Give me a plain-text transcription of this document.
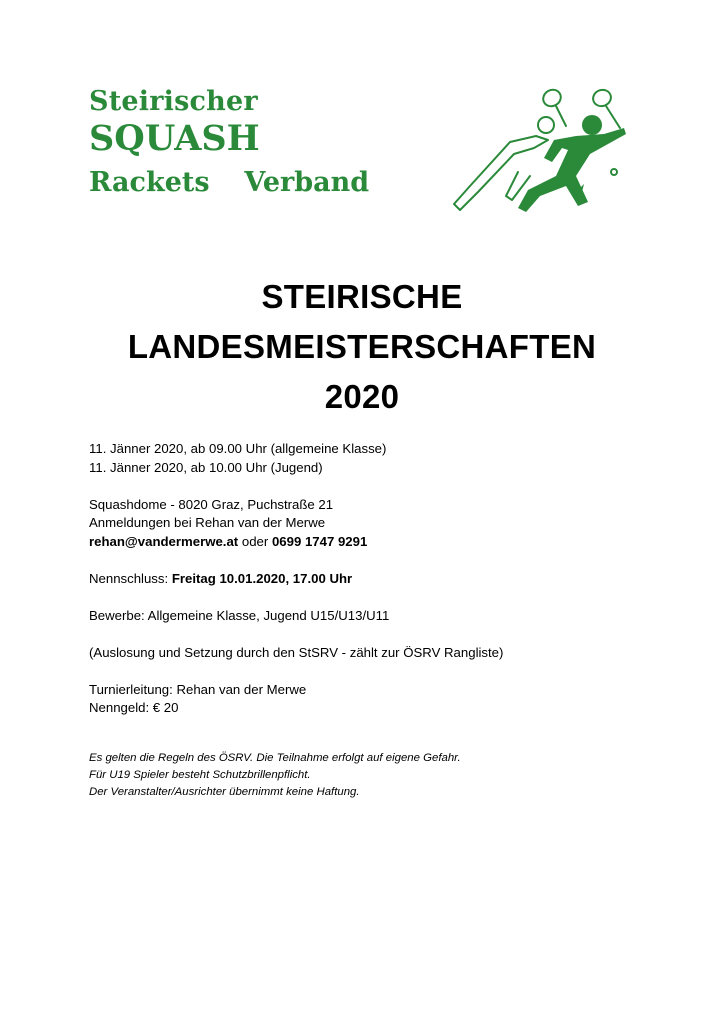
Steirischer
SQUASH
Rackets  Verband
STEIRISCHE
LANDESMEISTERSCHAFTEN
2020
11. Jänner 2020, ab 09.00 Uhr (allgemeine Klasse)
11. Jänner 2020, ab 10.00 Uhr (Jugend)
Squashdome - 8020 Graz, Puchstraße 21
Anmeldungen bei Rehan van der Merwe
rehan@vandermerwe.at oder 0699 1747 9291
Nennschluss: Freitag 10.01.2020, 17.00 Uhr
Bewerbe: Allgemeine Klasse, Jugend U15/U13/U11
(Auslosung und Setzung durch den StSRV - zählt zur ÖSRV Rangliste)
Turnierleitung: Rehan van der Merwe
Nenngeld: € 20
Es gelten die Regeln des ÖSRV. Die Teilnahme erfolgt auf eigene Gefahr.
Für U19 Spieler besteht Schutzbrillenpflicht.
Der Veranstalter/Ausrichter übernimmt keine Haftung.
